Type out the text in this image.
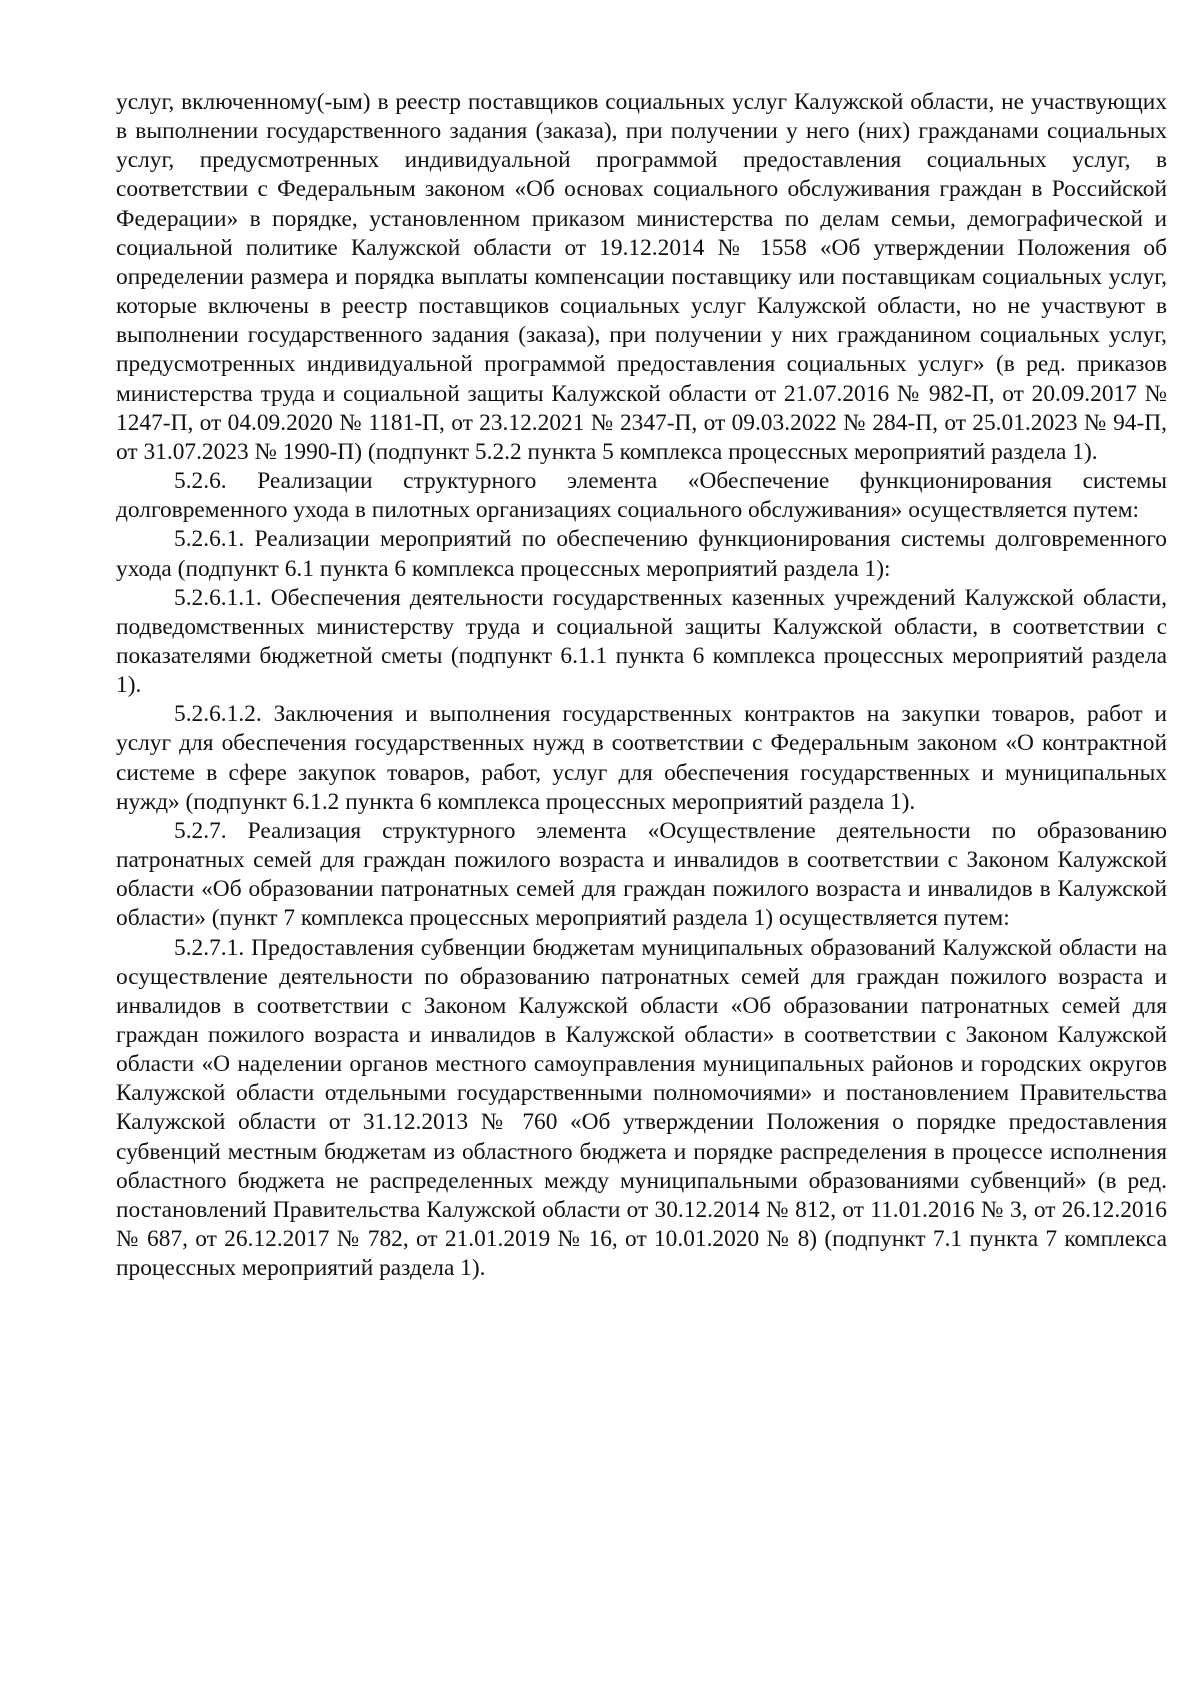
услуг, включенному(-ым) в реестр поставщиков социальных услуг Калужской области, не участвующих в выполнении государственного задания (заказа), при получении у него (них) гражданами социальных услуг, предусмотренных индивидуальной программой предоставления социальных услуг, в соответствии с Федеральным законом «Об основах социального обслуживания граждан в Российской Федерации» в порядке, установленном приказом министерства по делам семьи, демографической и социальной политике Калужской области от 19.12.2014 № 1558 «Об утверждении Положения об определении размера и порядка выплаты компенсации поставщику или поставщикам социальных услуг, которые включены в реестр поставщиков социальных услуг Калужской области, но не участвуют в выполнении государственного задания (заказа), при получении у них гражданином социальных услуг, предусмотренных индивидуальной программой предоставления социальных услуг» (в ред. приказов министерства труда и социальной защиты Калужской области от 21.07.2016 № 982-П, от 20.09.2017 № 1247-П, от 04.09.2020 № 1181-П, от 23.12.2021 № 2347-П, от 09.03.2022 № 284-П, от 25.01.2023 № 94-П, от 31.07.2023 № 1990-П) (подпункт 5.2.2 пункта 5 комплекса процессных мероприятий раздела 1).

5.2.6. Реализации структурного элемента «Обеспечение функционирования системы долговременного ухода в пилотных организациях социального обслуживания» осуществляется путем:

5.2.6.1. Реализации мероприятий по обеспечению функционирования системы долговременного ухода (подпункт 6.1 пункта 6 комплекса процессных мероприятий раздела 1):

5.2.6.1.1. Обеспечения деятельности государственных казенных учреждений Калужской области, подведомственных министерству труда и социальной защиты Калужской области, в соответствии с показателями бюджетной сметы (подпункт 6.1.1 пункта 6 комплекса процессных мероприятий раздела 1).

5.2.6.1.2. Заключения и выполнения государственных контрактов на закупки товаров, работ и услуг для обеспечения государственных нужд в соответствии с Федеральным законом «О контрактной системе в сфере закупок товаров, работ, услуг для обеспечения государственных и муниципальных нужд» (подпункт 6.1.2 пункта 6 комплекса процессных мероприятий раздела 1).

5.2.7. Реализация структурного элемента «Осуществление деятельности по образованию патронатных семей для граждан пожилого возраста и инвалидов в соответствии с Законом Калужской области «Об образовании патронатных семей для граждан пожилого возраста и инвалидов в Калужской области» (пункт 7 комплекса процессных мероприятий раздела 1) осуществляется путем:

5.2.7.1. Предоставления субвенции бюджетам муниципальных образований Калужской области на осуществление деятельности по образованию патронатных семей для граждан пожилого возраста и инвалидов в соответствии с Законом Калужской области «Об образовании патронатных семей для граждан пожилого возраста и инвалидов в Калужской области» в соответствии с Законом Калужской области «О наделении органов местного самоуправления муниципальных районов и городских округов Калужской области отдельными государственными полномочиями» и постановлением Правительства Калужской области от 31.12.2013 № 760 «Об утверждении Положения о порядке предоставления субвенций местным бюджетам из областного бюджета и порядке распределения в процессе исполнения областного бюджета не распределенных между муниципальными образованиями субвенций» (в ред. постановлений Правительства Калужской области от 30.12.2014 № 812, от 11.01.2016 № 3, от 26.12.2016 № 687, от 26.12.2017 № 782, от 21.01.2019 № 16, от 10.01.2020 № 8) (подпункт 7.1 пункта 7 комплекса процессных мероприятий раздела 1).
